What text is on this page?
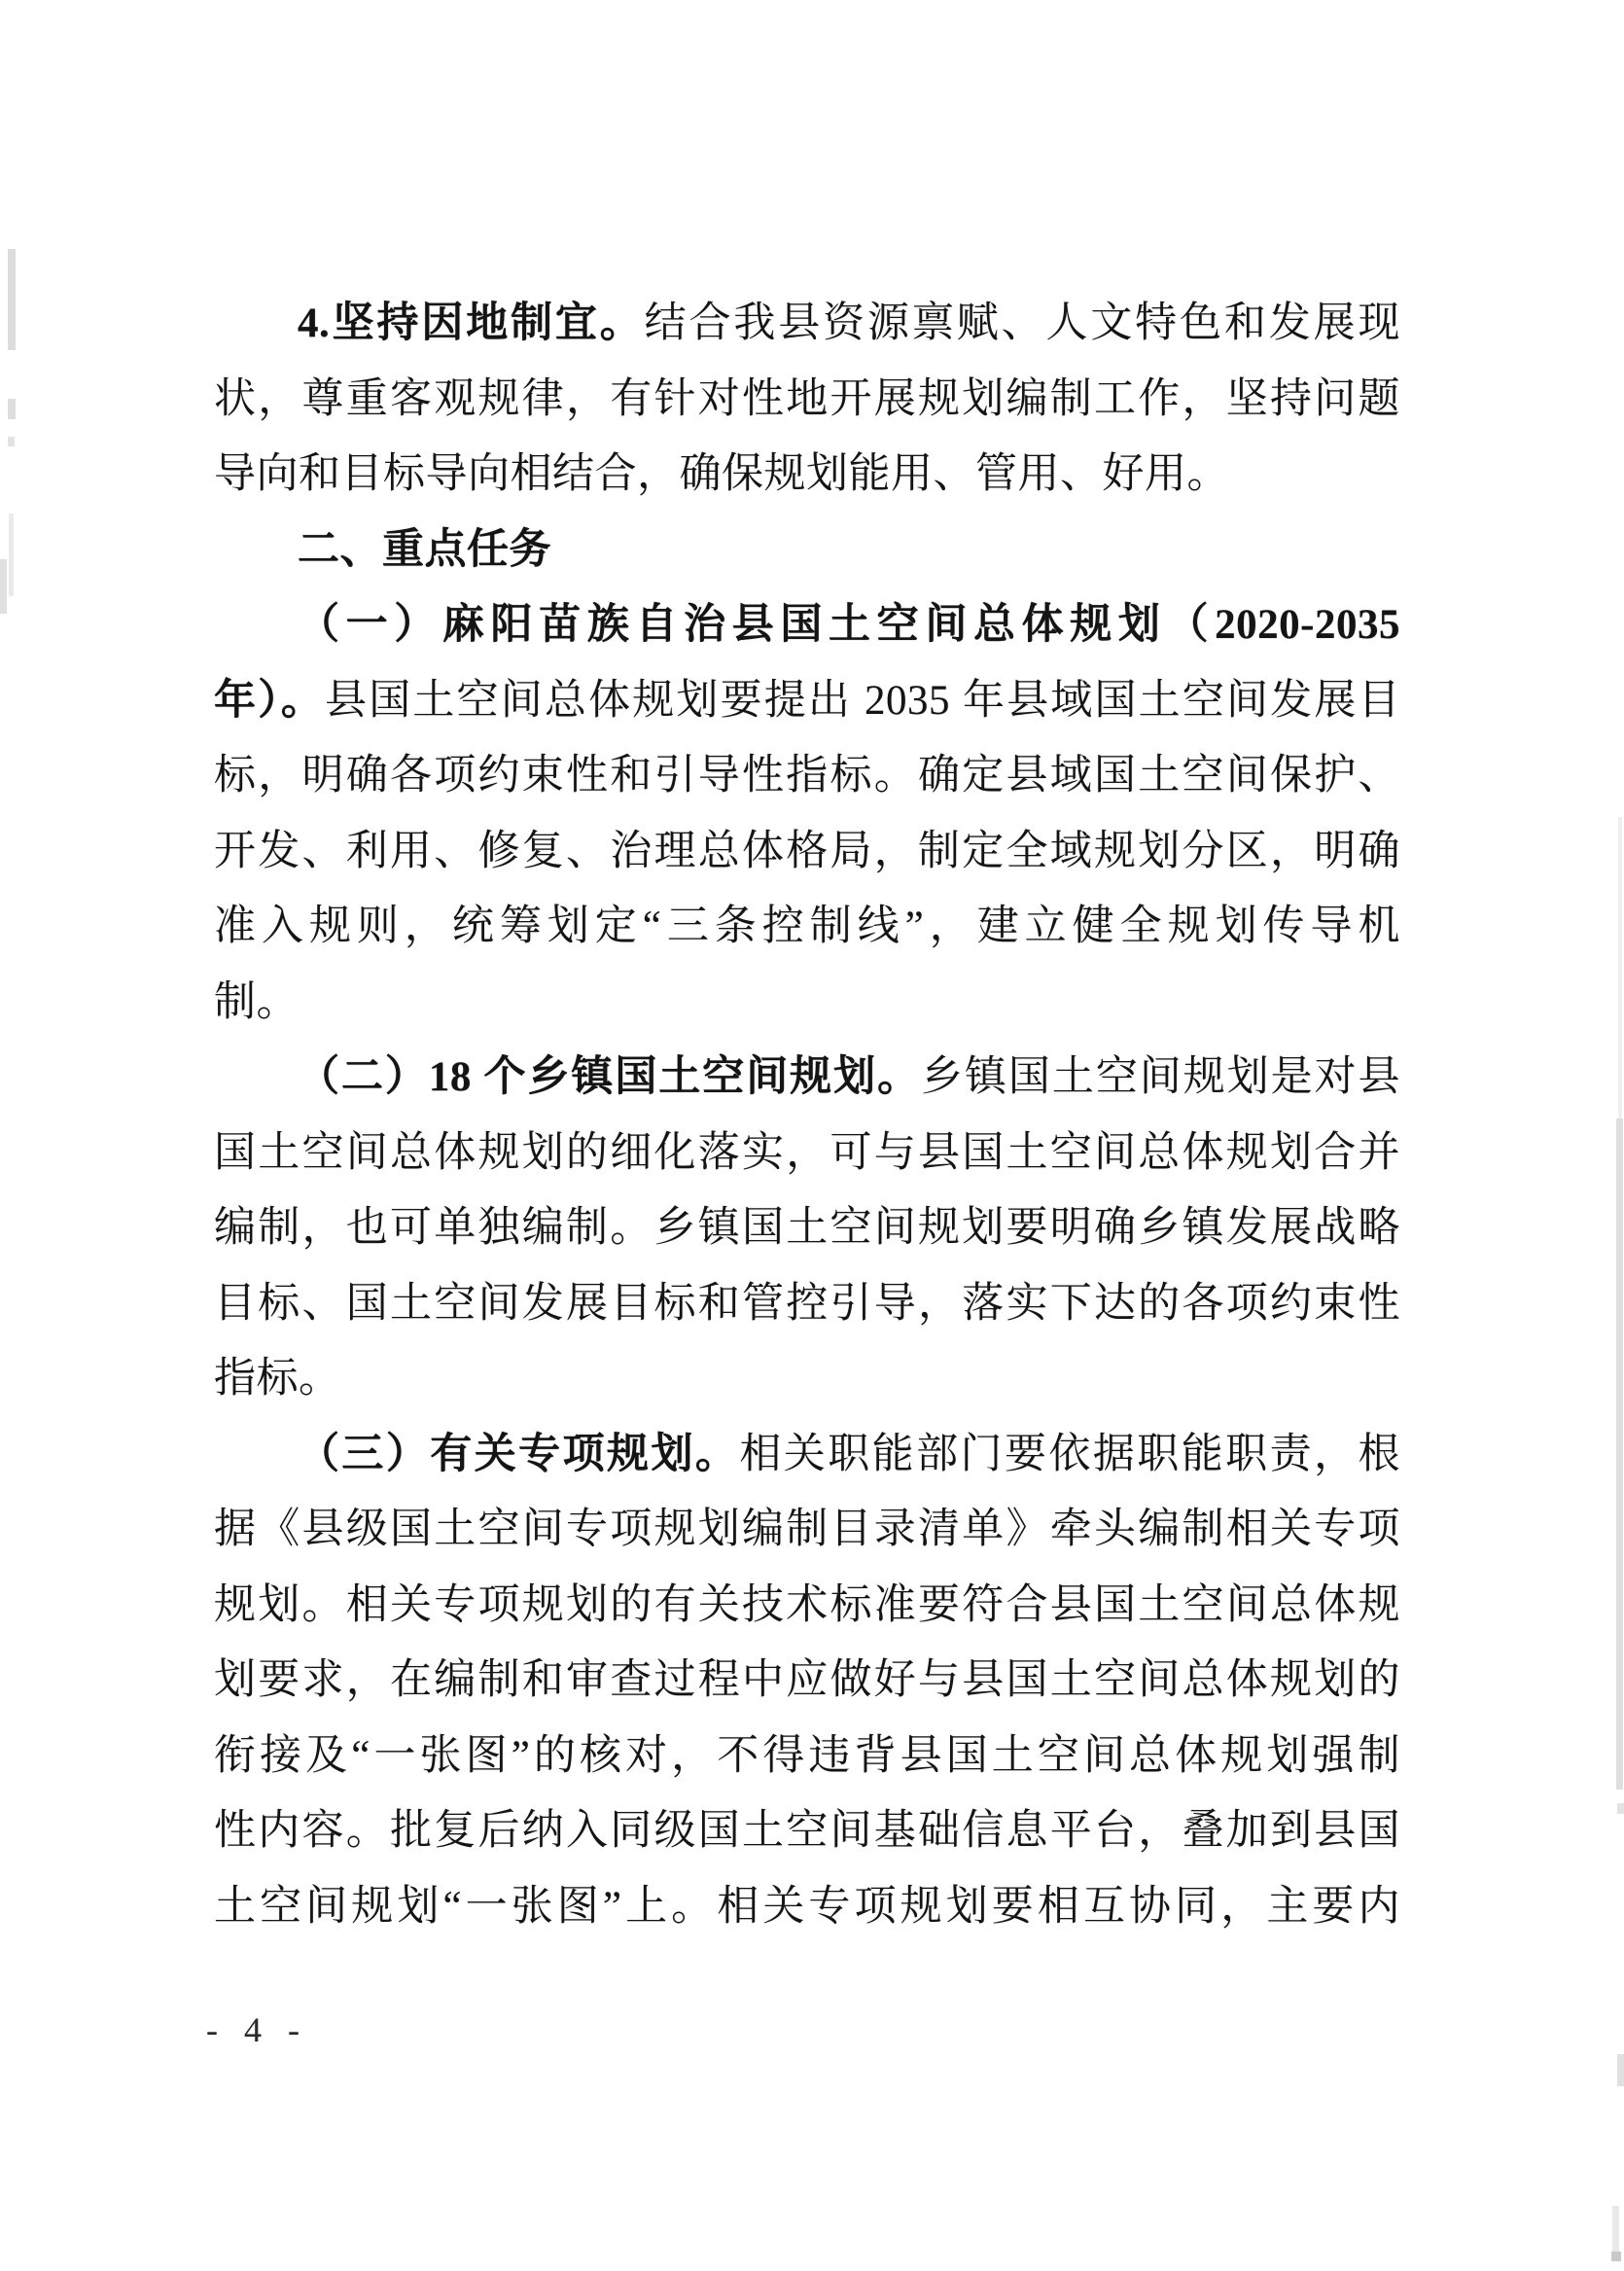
4.坚持因地制宜。结合我县资源禀赋、人文特色和发展现
状，尊重客观规律，有针对性地开展规划编制工作，坚持问题
导向和目标导向相结合，确保规划能用、管用、好用。
二、重点任务
（一）麻阳苗族自治县国土空间总体规划（2020-2035
年）。县国土空间总体规划要提出 2035 年县域国土空间发展目
标，明确各项约束性和引导性指标。确定县域国土空间保护、
开发、利用、修复、治理总体格局，制定全域规划分区，明确
准入规则，统筹划定“三条控制线”，建立健全规划传导机
制。
（二）18 个乡镇国土空间规划。乡镇国土空间规划是对县
国土空间总体规划的细化落实，可与县国土空间总体规划合并
编制，也可单独编制。乡镇国土空间规划要明确乡镇发展战略
目标、国土空间发展目标和管控引导，落实下达的各项约束性
指标。
（三）有关专项规划。相关职能部门要依据职能职责，根
据《县级国土空间专项规划编制目录清单》牵头编制相关专项
规划。相关专项规划的有关技术标准要符合县国土空间总体规
划要求，在编制和审查过程中应做好与县国土空间总体规划的
衔接及“一张图”的核对，不得违背县国土空间总体规划强制
性内容。批复后纳入同级国土空间基础信息平台，叠加到县国
土空间规划“一张图”上。相关专项规划要相互协同，主要内
- 4 -
